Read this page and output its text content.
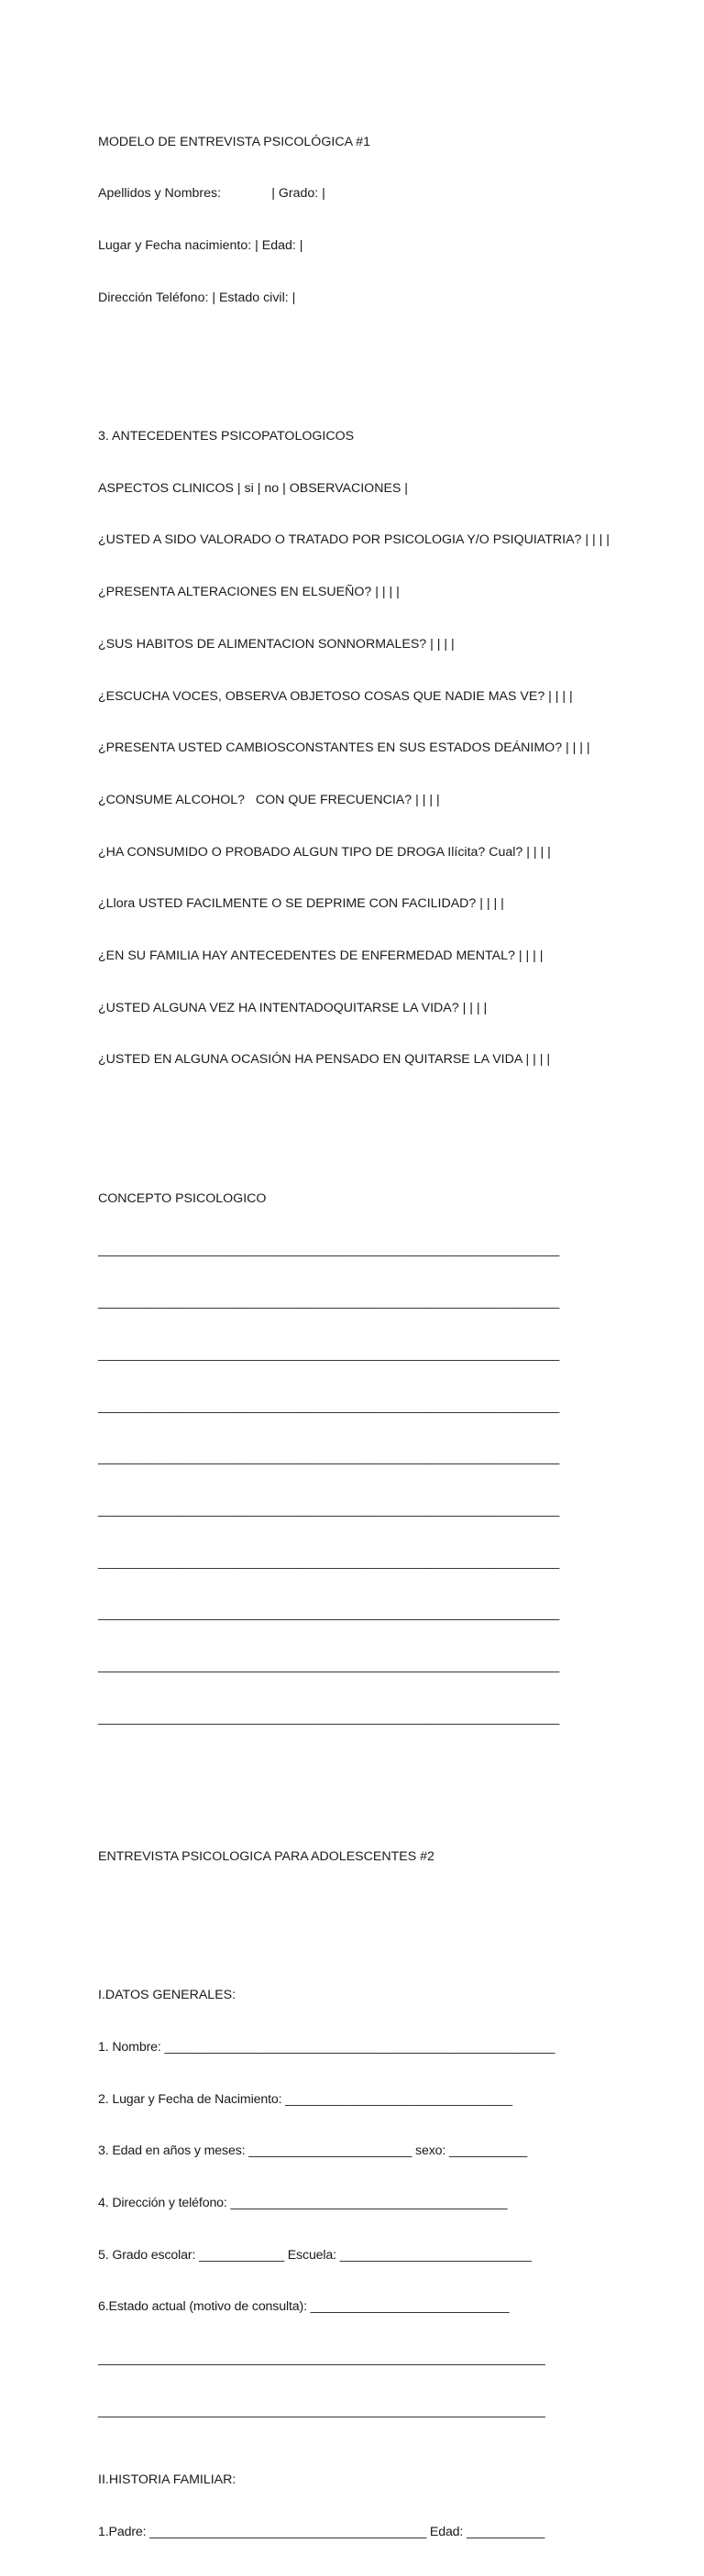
MODELO DE ENTREVISTA PSICOLÓGICA #1

Apellidos y Nombres:              | Grado: |

Lugar y Fecha nacimiento: | Edad: |

Dirección Teléfono: | Estado civil: |

3. ANTECEDENTES PSICOPATOLOGICOS

ASPECTOS CLINICOS | si | no | OBSERVACIONES |

¿USTED A SIDO VALORADO O TRATADO POR PSICOLOGIA Y/O PSIQUIATRIA? | | | |

¿PRESENTA ALTERACIONES EN ELSUEÑO? | | | |

¿SUS HABITOS DE ALIMENTACION SONNORMALES? | | | |

¿ESCUCHA VOCES, OBSERVA OBJETOSO COSAS QUE NADIE MAS VE? | | | |

¿PRESENTA USTED CAMBIOSCONSTANTES EN SUS ESTADOS DEÁNIMO? | | | |

¿CONSUME ALCOHOL?   CON QUE FRECUENCIA? | | | |

¿HA CONSUMIDO O PROBADO ALGUN TIPO DE DROGA Ilícita? Cual? | | | |

¿Llora USTED FACILMENTE O SE DEPRIME CON FACILIDAD? | | | |

¿EN SU FAMILIA HAY ANTECEDENTES DE ENFERMEDAD MENTAL? | | | |

¿USTED ALGUNA VEZ HA INTENTADOQUITARSE LA VIDA? | | | |

¿USTED EN ALGUNA OCASIÓN HA PENSADO EN QUITARSE LA VIDA | | | |

CONCEPTO PSICOLOGICO

_________________________________________________________________

_________________________________________________________________

_________________________________________________________________

_________________________________________________________________

_________________________________________________________________

_________________________________________________________________

_________________________________________________________________

_________________________________________________________________

_________________________________________________________________

_________________________________________________________________

ENTREVISTA PSICOLOGICA PARA ADOLESCENTES #2

I.DATOS GENERALES:

1. Nombre: _______________________________________________________

2. Lugar y Fecha de Nacimiento: ________________________________

3. Edad en años y meses: _______________________ sexo: ___________

4. Dirección y teléfono: _______________________________________

5. Grado escolar: ____________ Escuela: ___________________________

6.Estado actual (motivo de consulta): ____________________________

_______________________________________________________________

_______________________________________________________________

II.HISTORIA FAMILIAR:

1.Padre: _______________________________________ Edad: ___________
